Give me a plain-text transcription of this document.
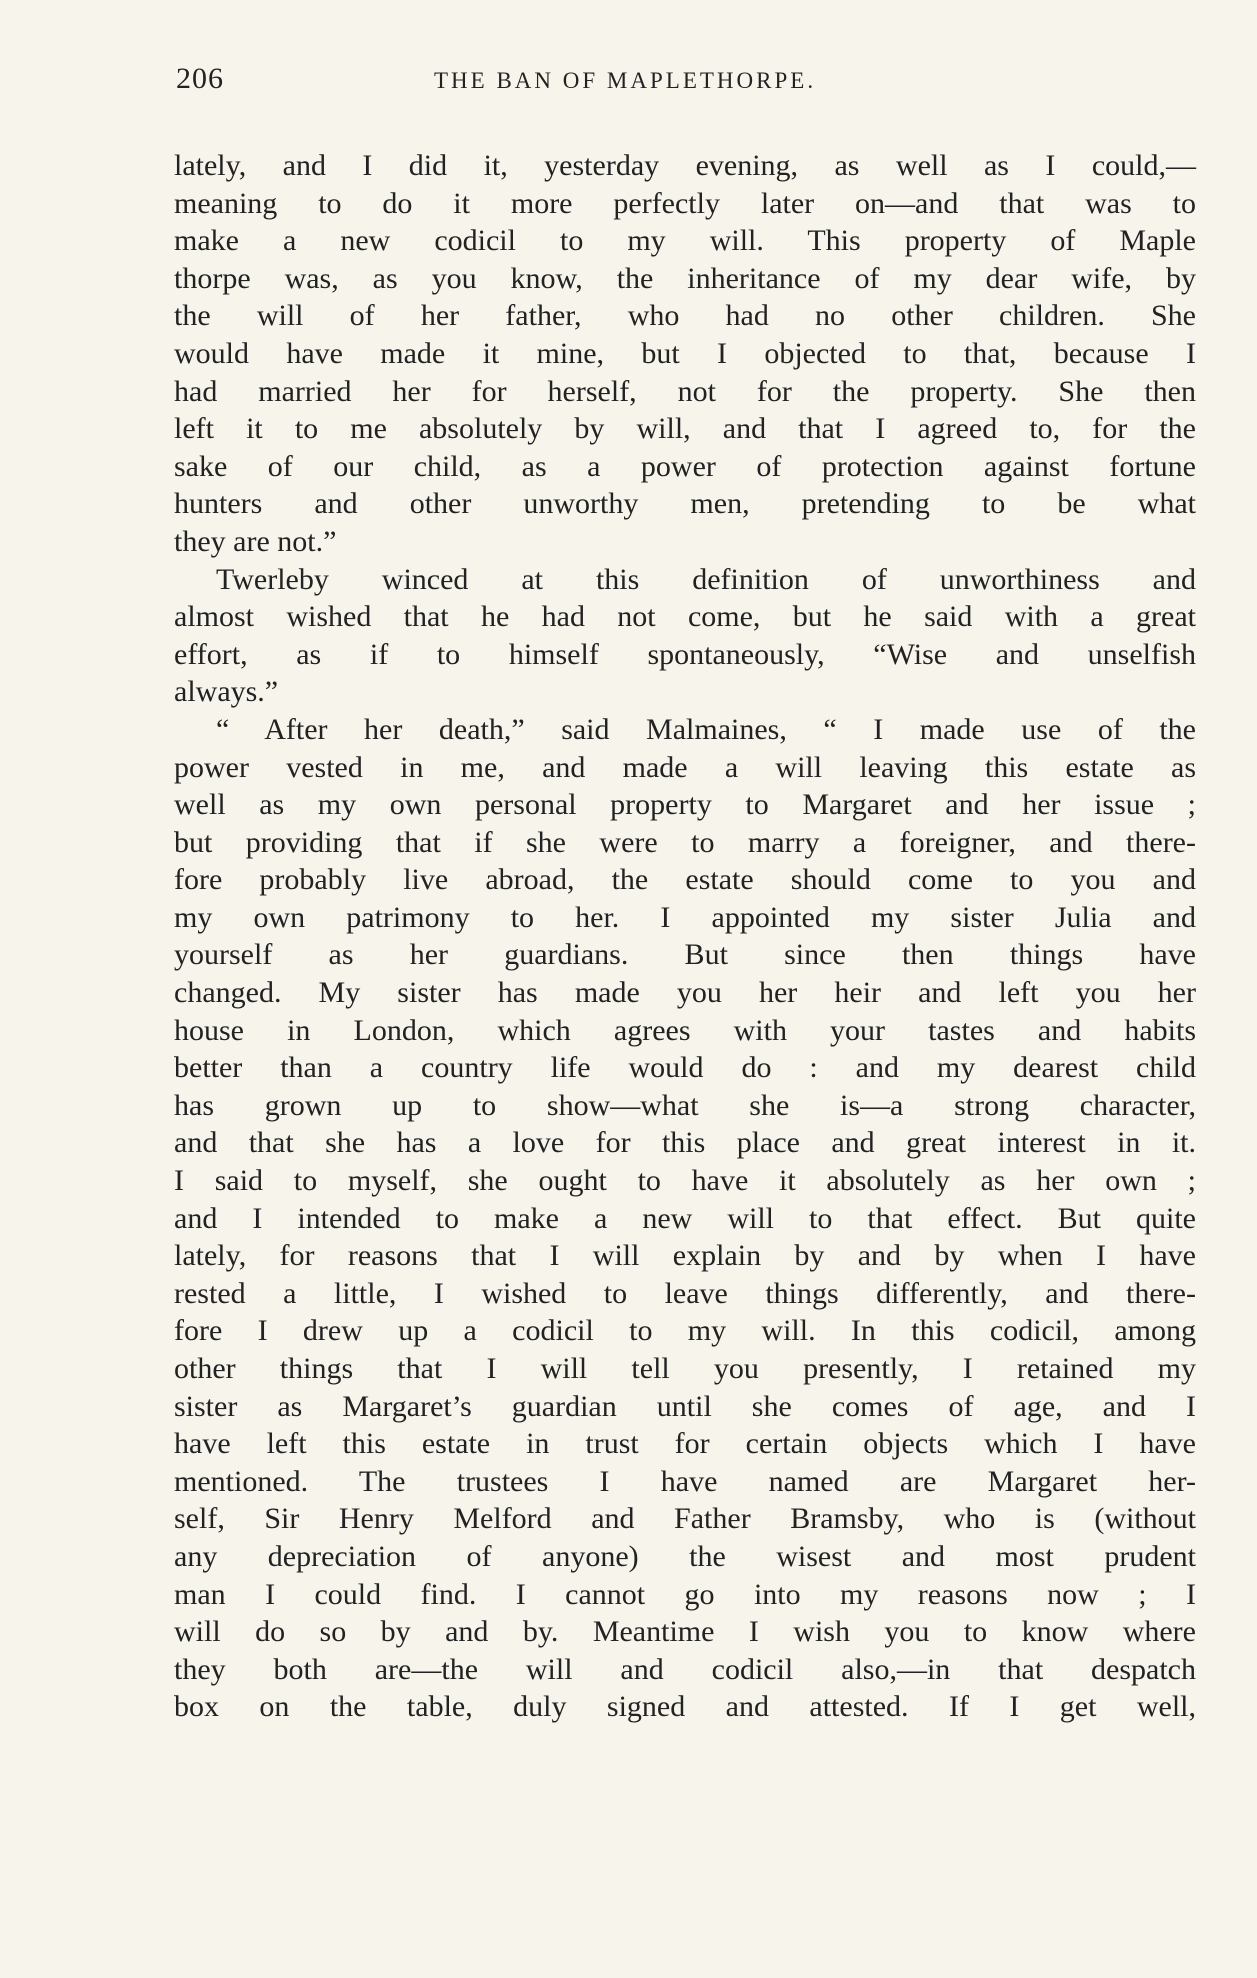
206	THE BAN OF MAPLETHORPE.
lately, and I did it, yesterday evening, as well as I could,—
meaning to do it more perfectly later on—and that was to
make a new codicil to my will. This property of Maple
thorpe was, as you know, the inheritance of my dear wife, by
the will of her father, who had no other children. She
would have made it mine, but I objected to that, because I
had married her for herself, not for the property. She then
left it to me absolutely by will, and that I agreed to, for the
sake of our child, as a power of protection against fortune
hunters and other unworthy men, pretending to be what
they are not.”
Twerleby winced at this definition of unworthiness and
almost wished that he had not come, but he said with a great
effort, as if to himself spontaneously, “Wise and unselfish
always.”
“ After her death,” said Malmaines, “ I made use of the
power vested in me, and made a will leaving this estate as
well as my own personal property to Margaret and her issue ;
but providing that if she were to marry a foreigner, and there-
fore probably live abroad, the estate should come to you and
my own patrimony to her. I appointed my sister Julia and
yourself as her guardians. But since then things have
changed. My sister has made you her heir and left you her
house in London, which agrees with your tastes and habits
better than a country life would do : and my dearest child
has grown up to show—what she is—a strong character,
and that she has a love for this place and great interest in it.
I said to myself, she ought to have it absolutely as her own ;
and I intended to make a new will to that effect. But quite
lately, for reasons that I will explain by and by when I have
rested a little, I wished to leave things differently, and there-
fore I drew up a codicil to my will. In this codicil, among
other things that I will tell you presently, I retained my
sister as Margaret’s guardian until she comes of age, and I
have left this estate in trust for certain objects which I have
mentioned. The trustees I have named are Margaret her-
self, Sir Henry Melford and Father Bramsby, who is (without
any depreciation of anyone) the wisest and most prudent
man I could find. I cannot go into my reasons now ; I
will do so by and by. Meantime I wish you to know where
they both are—the will and codicil also,—in that despatch
box on the table, duly signed and attested. If I get well,
